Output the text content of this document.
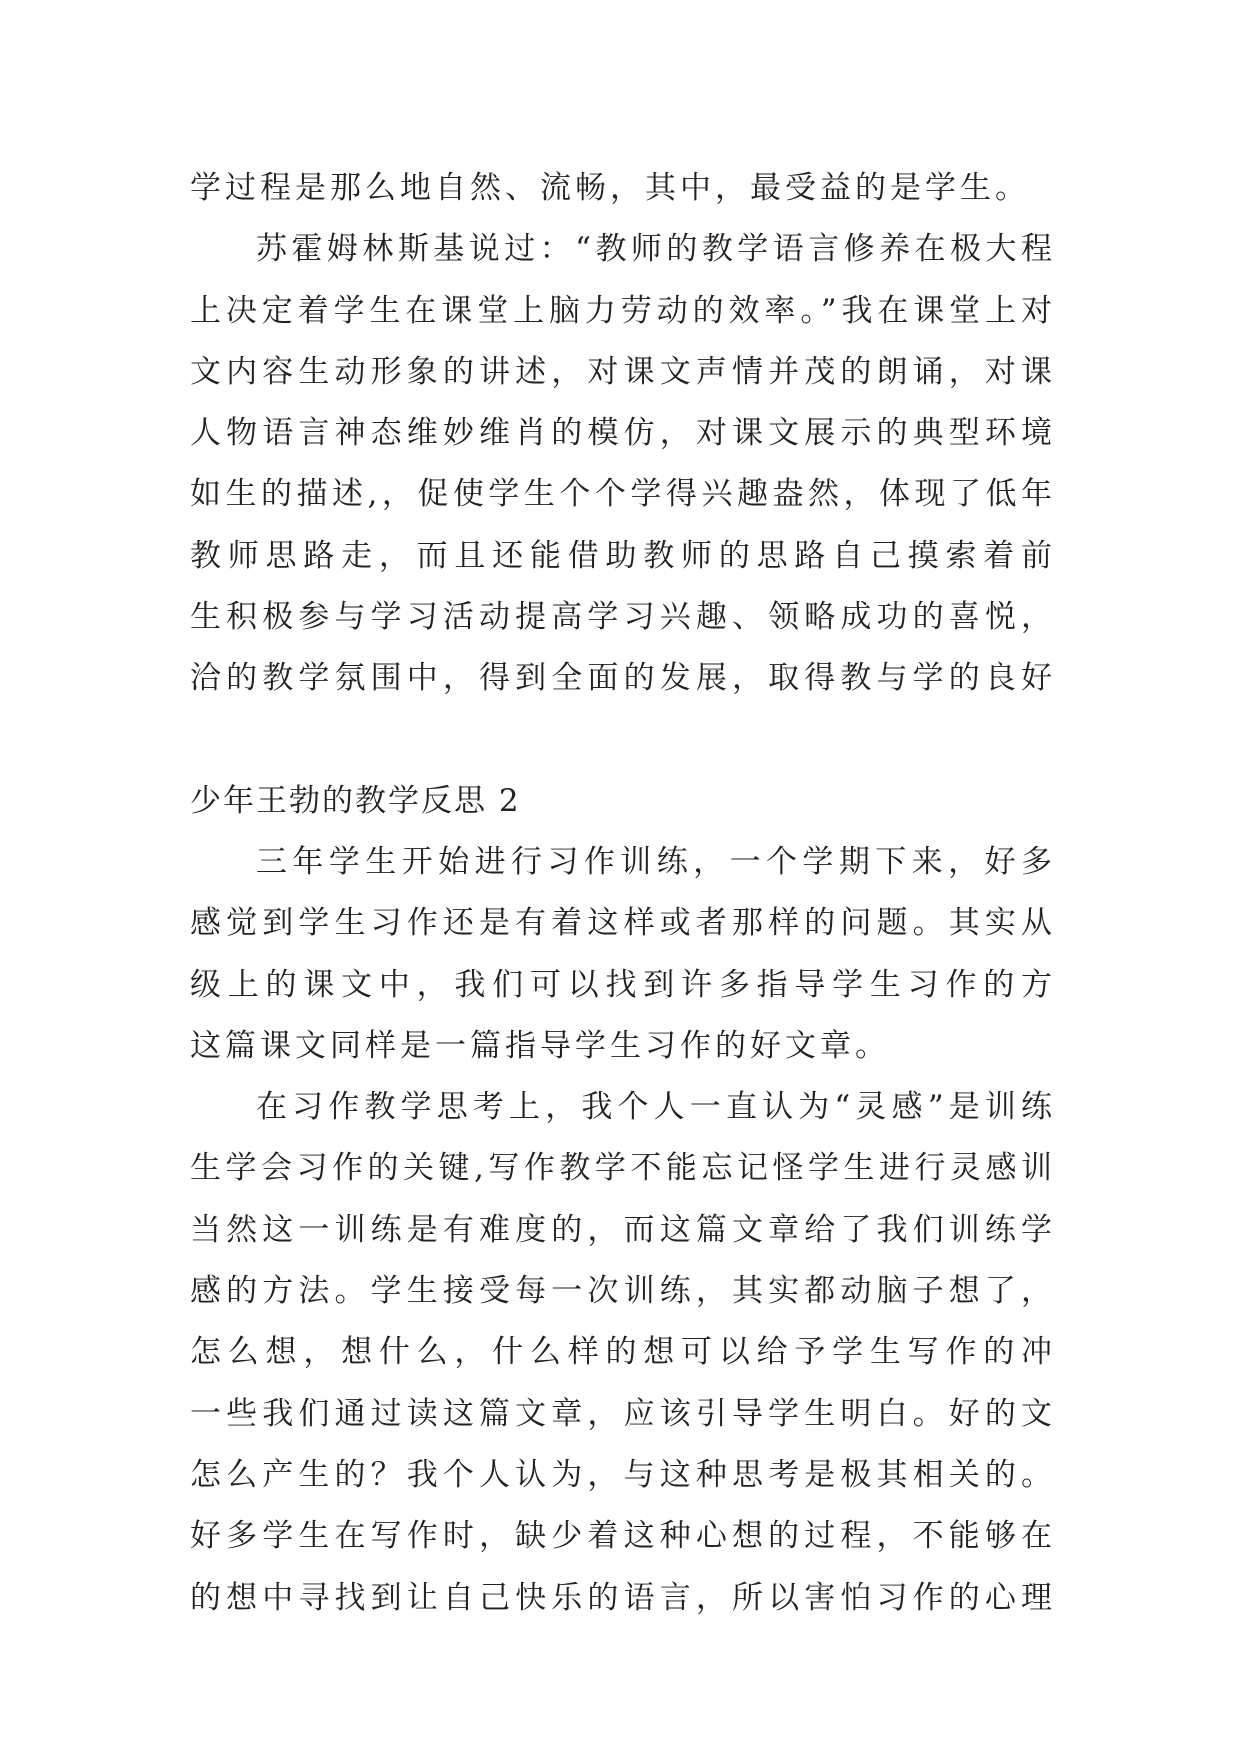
学过程是那么地自然、流畅，其中，最受益的是学生。
苏霍姆林斯基说过：“教师的教学语言修养在极大程
上决定着学生在课堂上脑力劳动的效率。”我在课堂上对
文内容生动形象的讲述，对课文声情并茂的朗诵，对课
人物语言神态维妙维肖的模仿，对课文展示的典型环境
如生的描述,，促使学生个个学得兴趣盎然，体现了低年
教师思路走，而且还能借助教师的思路自己摸索着前
生积极参与学习活动提高学习兴趣、领略成功的喜悦，
洽的教学氛围中，得到全面的发展，取得教与学的良好
少年王勃的教学反思 2
三年学生开始进行习作训练，一个学期下来，好多
感觉到学生习作还是有着这样或者那样的问题。其实从
级上的课文中，我们可以找到许多指导学生习作的方
这篇课文同样是一篇指导学生习作的好文章。
在习作教学思考上，我个人一直认为“灵感”是训练
生学会习作的关键,写作教学不能忘记怪学生进行灵感训
当然这一训练是有难度的，而这篇文章给了我们训练学
感的方法。学生接受每一次训练，其实都动脑子想了，
怎么想，想什么，什么样的想可以给予学生写作的冲
一些我们通过读这篇文章，应该引导学生明白。好的文
怎么产生的？我个人认为，与这种思考是极其相关的。
好多学生在写作时，缺少着这种心想的过程，不能够在
的想中寻找到让自己快乐的语言，所以害怕习作的心理
